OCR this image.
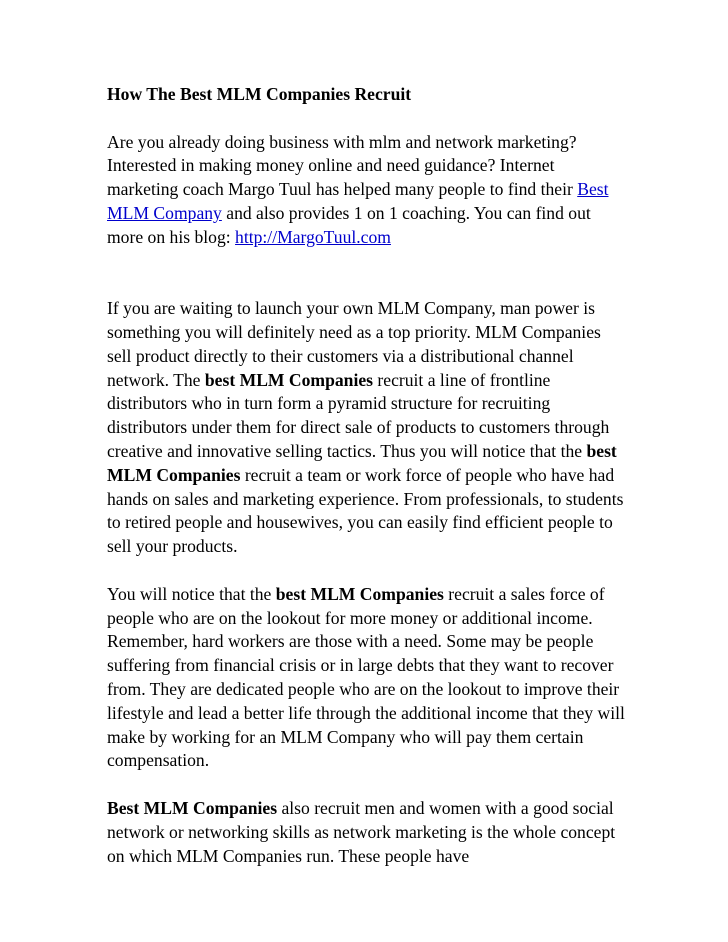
How The Best MLM Companies Recruit

Are you already doing business with mlm and network marketing? Interested in making money online and need guidance? Internet marketing coach Margo Tuul has helped many people to find their Best MLM Company and also provides 1 on 1 coaching. You can find out more on his blog: http://MargoTuul.com

If you are waiting to launch your own MLM Company, man power is something you will definitely need as a top priority. MLM Companies sell product directly to their customers via a distributional channel network. The best MLM Companies recruit a line of frontline distributors who in turn form a pyramid structure for recruiting distributors under them for direct sale of products to customers through creative and innovative selling tactics. Thus you will notice that the best MLM Companies recruit a team or work force of people who have had hands on sales and marketing experience. From professionals, to students to retired people and housewives, you can easily find efficient people to sell your products.

You will notice that the best MLM Companies recruit a sales force of people who are on the lookout for more money or additional income. Remember, hard workers are those with a need. Some may be people suffering from financial crisis or in large debts that they want to recover from. They are dedicated people who are on the lookout to improve their lifestyle and lead a better life through the additional income that they will make by working for an MLM Company who will pay them certain compensation.

Best MLM Companies also recruit men and women with a good social network or networking skills as network marketing is the whole concept on which MLM Companies run. These people have
